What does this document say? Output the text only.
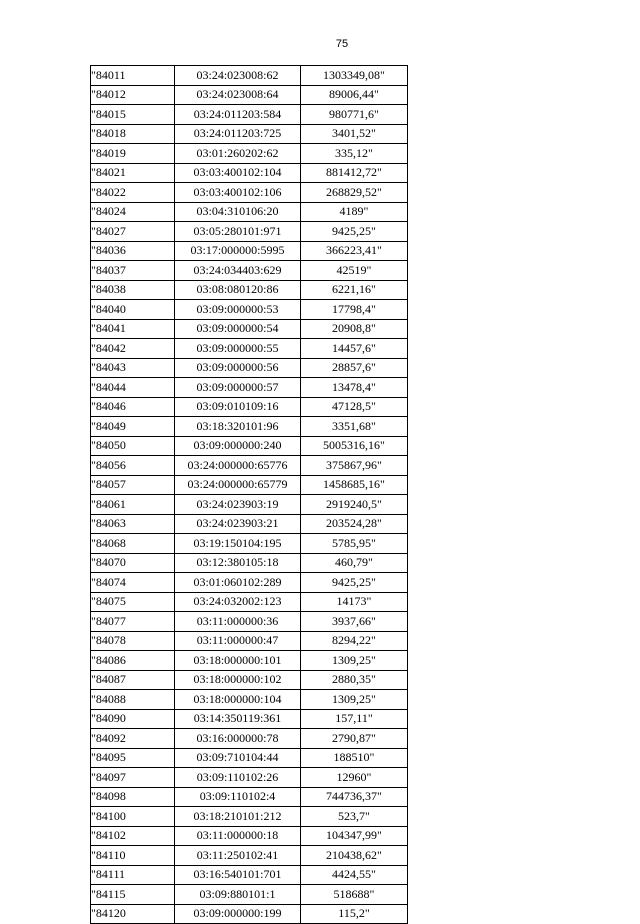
75
"84011	03:24:023008:62	1303349,08"
"84012	03:24:023008:64	89006,44"
"84015	03:24:011203:584	980771,6"
"84018	03:24:011203:725	3401,52"
"84019	03:01:260202:62	335,12"
"84021	03:03:400102:104	881412,72"
"84022	03:03:400102:106	268829,52"
"84024	03:04:310106:20	4189"
"84027	03:05:280101:971	9425,25"
"84036	03:17:000000:5995	366223,41"
"84037	03:24:034403:629	42519"
"84038	03:08:080120:86	6221,16"
"84040	03:09:000000:53	17798,4"
"84041	03:09:000000:54	20908,8"
"84042	03:09:000000:55	14457,6"
"84043	03:09:000000:56	28857,6"
"84044	03:09:000000:57	13478,4"
"84046	03:09:010109:16	47128,5"
"84049	03:18:320101:96	3351,68"
"84050	03:09:000000:240	5005316,16"
"84056	03:24:000000:65776	375867,96"
"84057	03:24:000000:65779	1458685,16"
"84061	03:24:023903:19	2919240,5"
"84063	03:24:023903:21	203524,28"
"84068	03:19:150104:195	5785,95"
"84070	03:12:380105:18	460,79"
"84074	03:01:060102:289	9425,25"
"84075	03:24:032002:123	14173"
"84077	03:11:000000:36	3937,66"
"84078	03:11:000000:47	8294,22"
"84086	03:18:000000:101	1309,25"
"84087	03:18:000000:102	2880,35"
"84088	03:18:000000:104	1309,25"
"84090	03:14:350119:361	157,11"
"84092	03:16:000000:78	2790,87"
"84095	03:09:710104:44	188510"
"84097	03:09:110102:26	12960"
"84098	03:09:110102:4	744736,37"
"84100	03:18:210101:212	523,7"
"84102	03:11:000000:18	104347,99"
"84110	03:11:250102:41	210438,62"
"84111	03:16:540101:701	4424,55"
"84115	03:09:880101:1	518688"
"84120	03:09:000000:199	115,2"
